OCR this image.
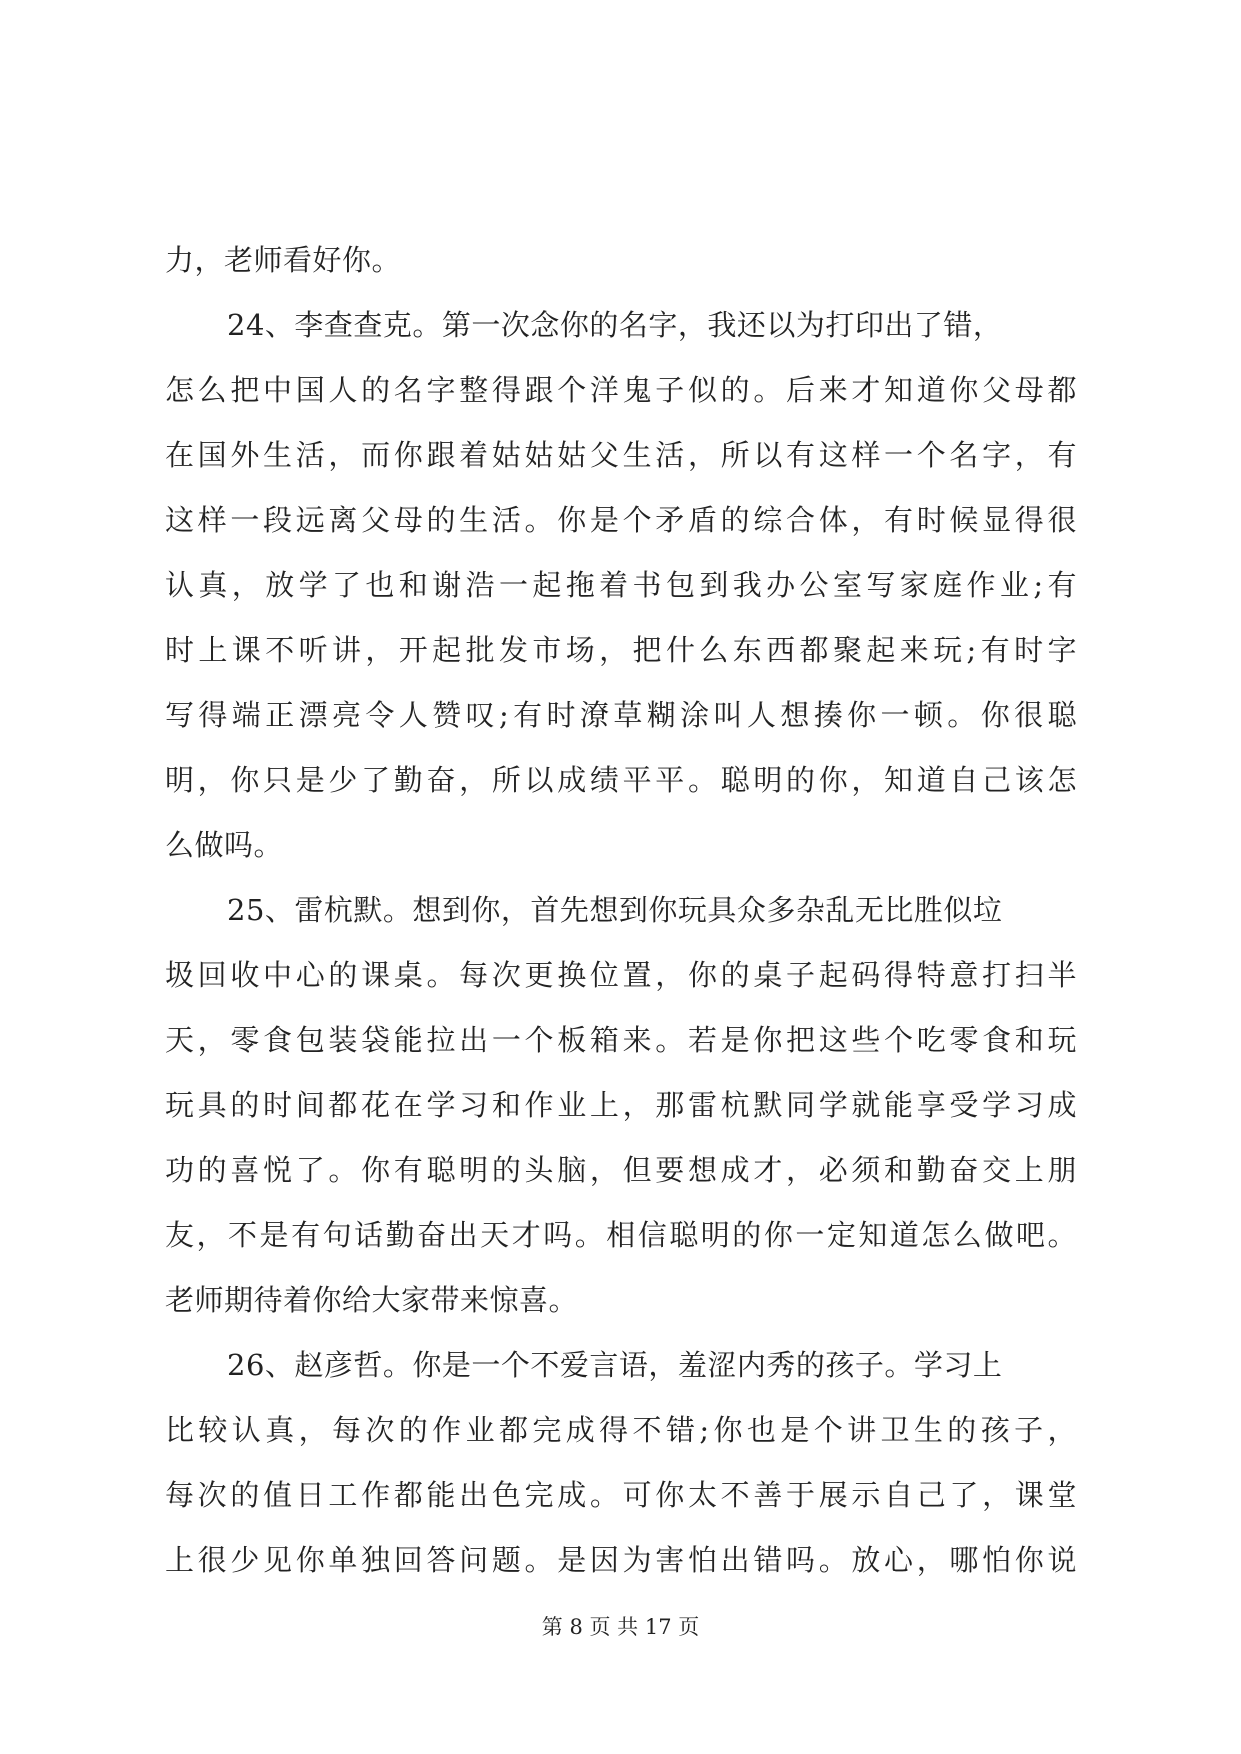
力，老师看好你。
24、李查查克。第一次念你的名字，我还以为打印出了错，
怎么把中国人的名字整得跟个洋鬼子似的。后来才知道你父母都
在国外生活，而你跟着姑姑姑父生活，所以有这样一个名字，有
这样一段远离父母的生活。你是个矛盾的综合体，有时候显得很
认真，放学了也和谢浩一起拖着书包到我办公室写家庭作业;有
时上课不听讲，开起批发市场，把什么东西都聚起来玩;有时字
写得端正漂亮令人赞叹;有时潦草糊涂叫人想揍你一顿。你很聪
明，你只是少了勤奋，所以成绩平平。聪明的你，知道自己该怎
么做吗。
25、雷杭默。想到你，首先想到你玩具众多杂乱无比胜似垃
圾回收中心的课桌。每次更换位置，你的桌子起码得特意打扫半
天，零食包装袋能拉出一个板箱来。若是你把这些个吃零食和玩
玩具的时间都花在学习和作业上，那雷杭默同学就能享受学习成
功的喜悦了。你有聪明的头脑，但要想成才，必须和勤奋交上朋
友，不是有句话勤奋出天才吗。相信聪明的你一定知道怎么做吧。
老师期待着你给大家带来惊喜。
26、赵彦哲。你是一个不爱言语，羞涩内秀的孩子。学习上
比较认真，每次的作业都完成得不错;你也是个讲卫生的孩子，
每次的值日工作都能出色完成。可你太不善于展示自己了，课堂
上很少见你单独回答问题。是因为害怕出错吗。放心，哪怕你说
第 8 页 共 17 页
